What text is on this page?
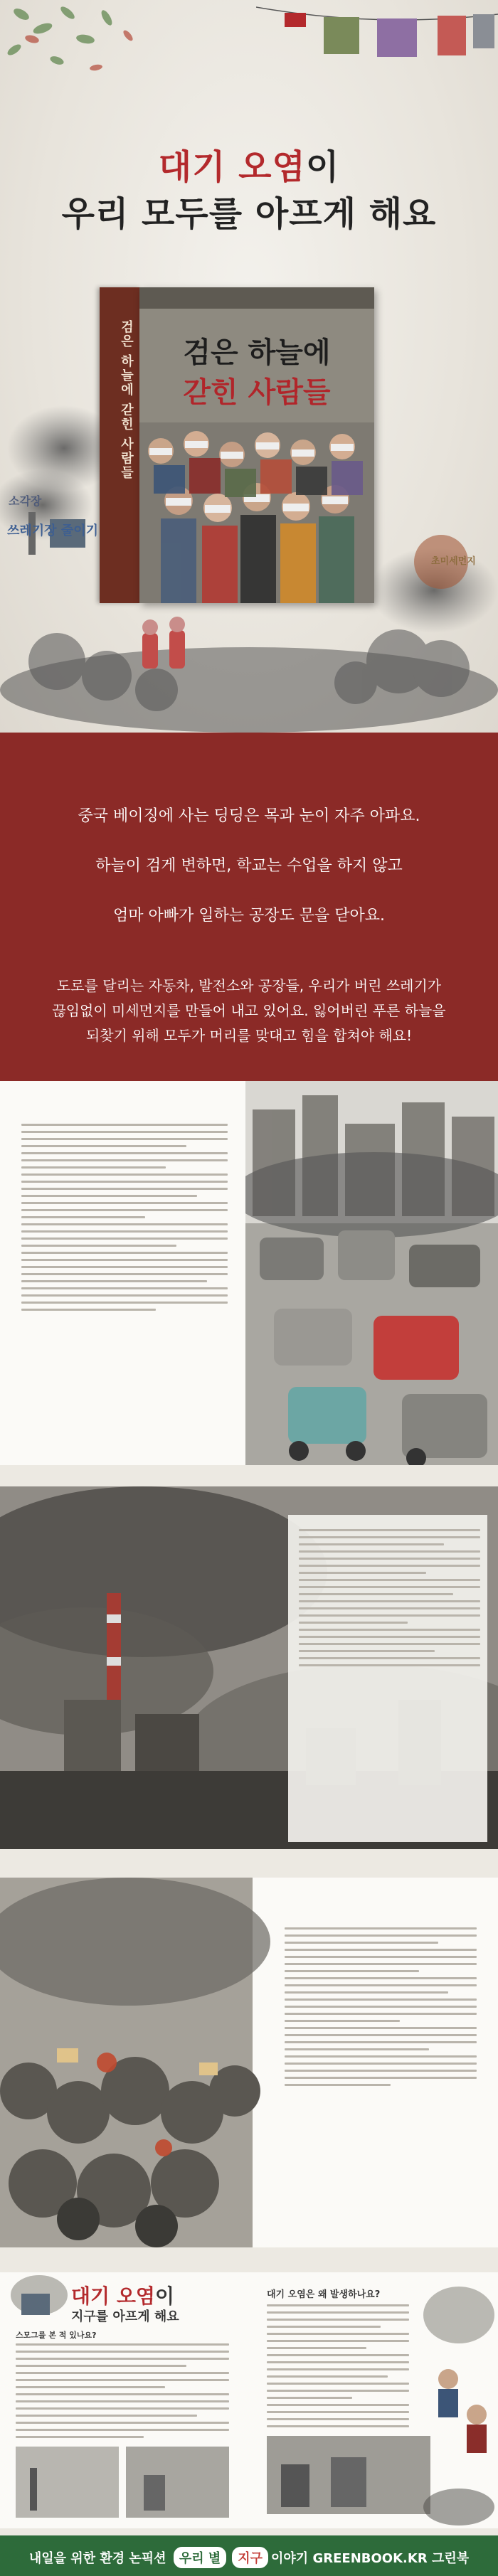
대기 오염이
우리 모두를 아프게 해요
검은 하늘에 갇힌 사람들	검은 하늘에
갇힌 사람들
소각장
쓰레기장 줄이기
초미세먼지

중국 베이징에 사는 딩딩은 목과 눈이 자주 아파요.

하늘이 검게 변하면, 학교는 수업을 하지 않고

엄마 아빠가 일하는 공장도 문을 닫아요.

도로를 달리는 자동차, 발전소와 공장들, 우리가 버린 쓰레기가

끊임없이 미세먼지를 만들어 내고 있어요. 잃어버린 푸른 하늘을

되찾기 위해 모두가 머리를 맞대고 힘을 합쳐야 해요!

대기 오염이
지구를 아프게 해요
스모그를 본 적 있나요?
대기 오염은 왜 발생하나요?
내일을 위한 환경 논픽션 우리 별 지구 이야기 GREENBOOK.KR 그린북
